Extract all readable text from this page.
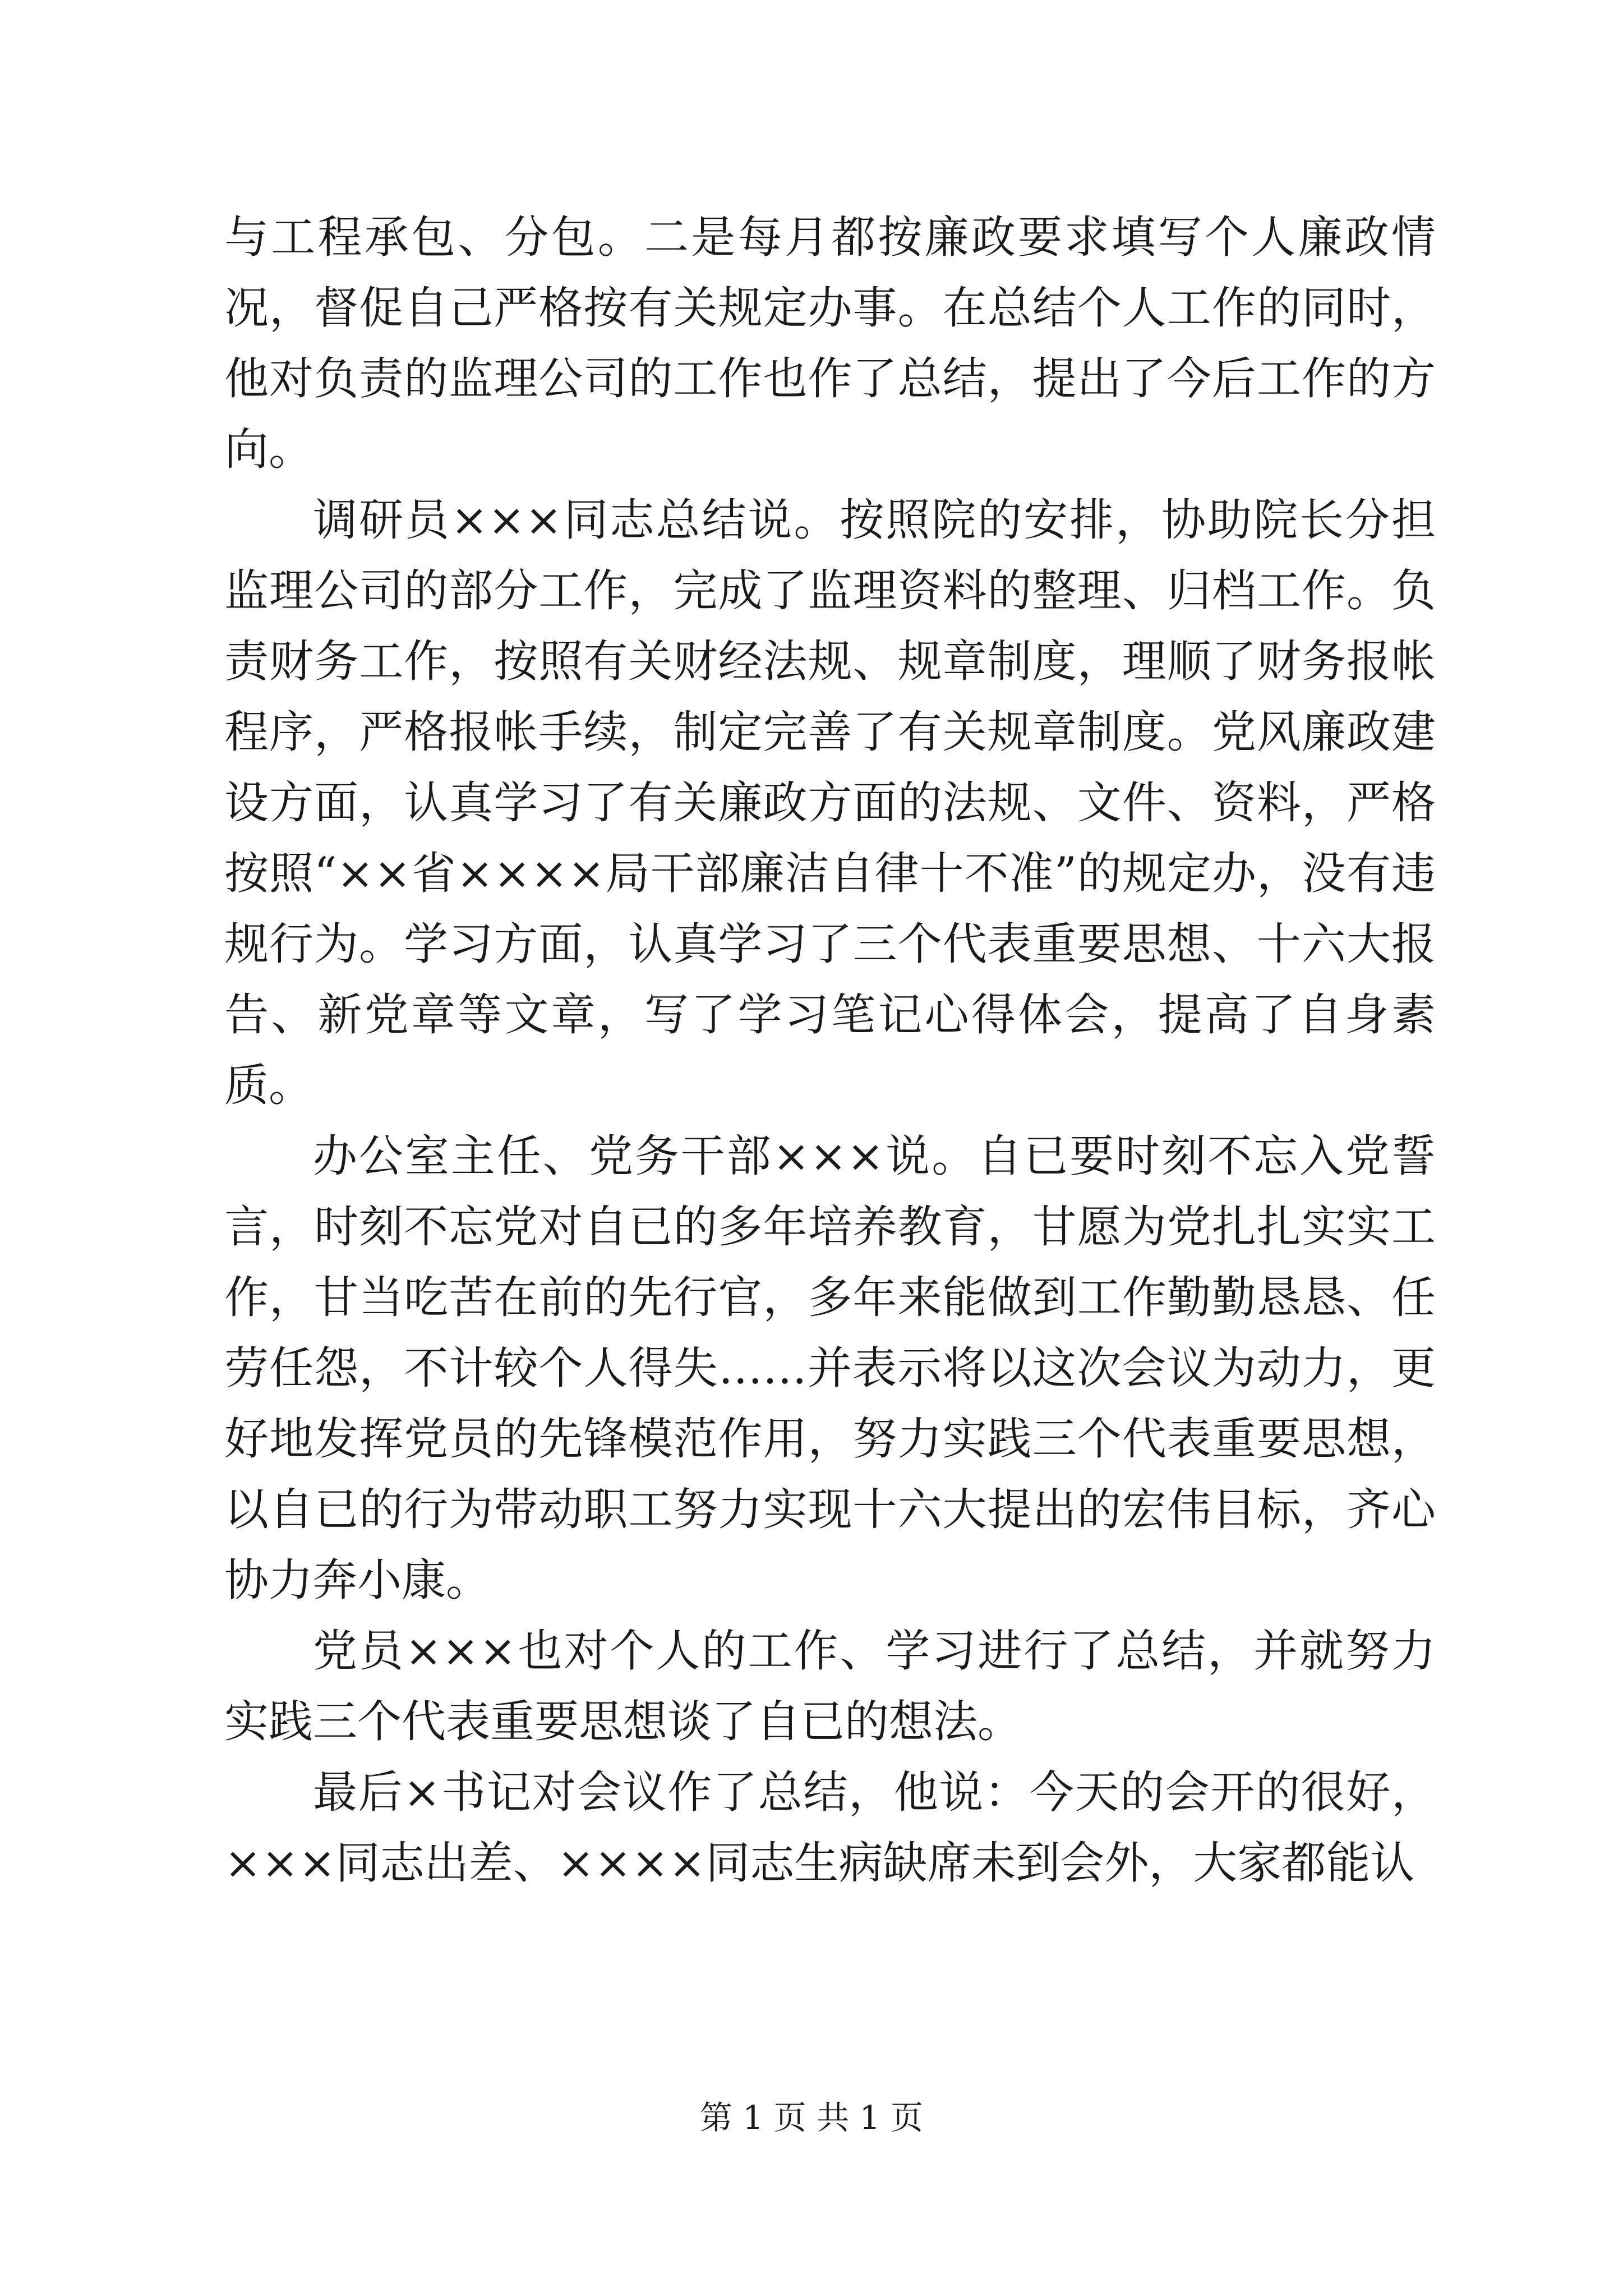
与工程承包、分包。二是每月都按廉政要求填写个人廉政情况，督促自己严格按有关规定办事。在总结个人工作的同时，他对负责的监理公司的工作也作了总结，提出了今后工作的方向。

调研员×××同志总结说。按照院的安排，协助院长分担监理公司的部分工作，完成了监理资料的整理、归档工作。负责财务工作，按照有关财经法规、规章制度，理顺了财务报帐程序，严格报帐手续，制定完善了有关规章制度。党风廉政建设方面，认真学习了有关廉政方面的法规、文件、资料，严格按照“××省××××局干部廉洁自律十不准”的规定办，没有违规行为。学习方面，认真学习了三个代表重要思想、十六大报告、新党章等文章，写了学习笔记心得体会，提高了自身素质。

办公室主任、党务干部×××说。自已要时刻不忘入党誓言，时刻不忘党对自已的多年培养教育，甘愿为党扎扎实实工作，甘当吃苦在前的先行官，多年来能做到工作勤勤恳恳、任劳任怨，不计较个人得失……并表示将以这次会议为动力，更好地发挥党员的先锋模范作用，努力实践三个代表重要思想，以自已的行为带动职工努力实现十六大提出的宏伟目标，齐心协力奔小康。

党员×××也对个人的工作、学习进行了总结，并就努力实践三个代表重要思想谈了自已的想法。

最后×书记对会议作了总结，他说：今天的会开的很好，×××同志出差、××××同志生病缺席未到会外，大家都能认

第 1 页 共 1 页
